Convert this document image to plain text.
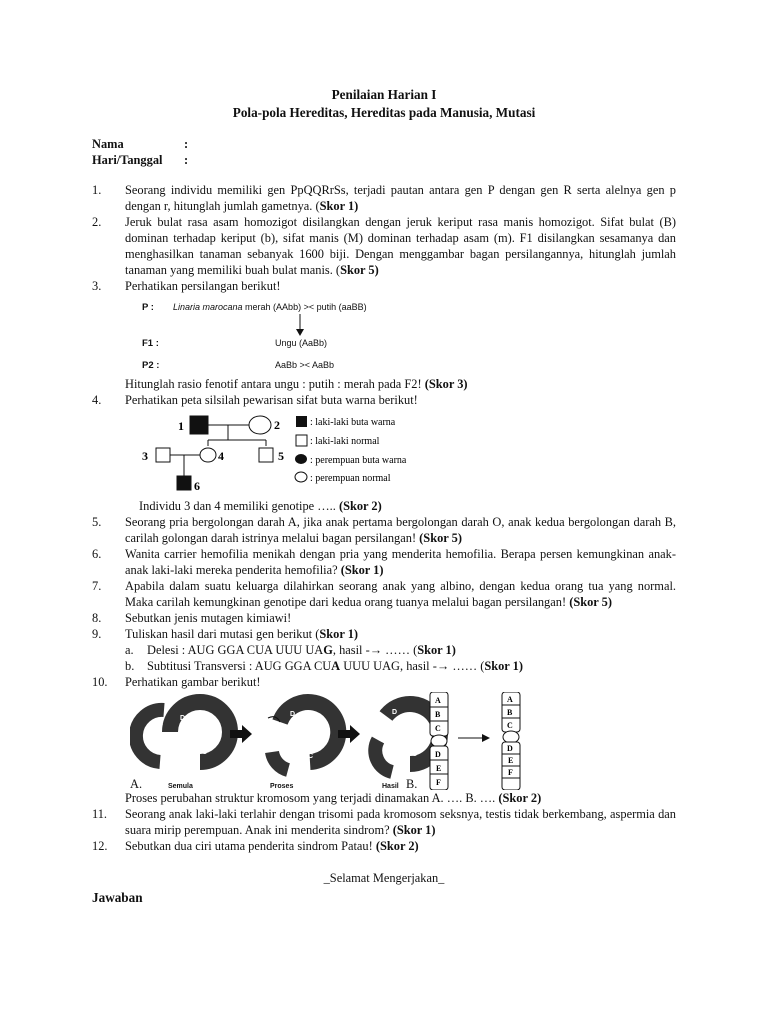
Penilaian Harian I
Pola-pola Hereditas, Hereditas pada Manusia, Mutasi
Nama	:
Hari/Tanggal	:
1.	Seorang individu memiliki gen PpQQRrSs, terjadi pautan antara gen P dengan gen R serta alelnya gen p dengan r, hitunglah jumlah gametnya. (Skor 1)
2.	Jeruk bulat rasa asam homozigot disilangkan dengan jeruk keriput rasa manis homozigot. Sifat bulat (B) dominan terhadap keriput (b), sifat manis (M) dominan terhadap asam (m). F1 disilangkan sesamanya dan menghasilkan tanaman sebanyak 1600 biji. Dengan menggambar bagan persilangannya, hitunglah jumlah tanaman yang memiliki buah bulat manis. (Skor 5)
3.	Perhatikan persilangan berikut!
P : Linaria marocana merah (AAbb) >< putih (aaBB)
F1 :	Ungu (AaBb)
P2 :	AaBb >< AaBb
Hitunglah rasio fenotif antara ungu : putih : merah pada F2! (Skor 3)
4.	Perhatikan peta silsilah pewarisan sifat buta warna berikut!
1	2
3	4	5
6
: laki-laki buta warna
: laki-laki normal
: perempuan buta warna
: perempuan normal
Individu 3 dan 4 memiliki genotipe ….. (Skor 2)
5.	Seorang pria bergolongan darah A, jika anak pertama bergolongan darah O, anak kedua bergolongan darah B, carilah golongan darah istrinya melalui bagan persilangan! (Skor 5)
6.	Wanita carrier hemofilia menikah dengan pria yang menderita hemofilia. Berapa persen kemungkinan anak-anak laki-laki mereka penderita hemofilia? (Skor 1)
7.	Apabila dalam suatu keluarga dilahirkan seorang anak yang albino, dengan kedua orang tua yang normal. Maka carilah kemungkinan genotipe dari kedua orang tuanya melalui bagan persilangan! (Skor 5)
8.	Sebutkan jenis mutagen kimiawi!
9.	Tuliskan hasil dari mutasi gen berikut (Skor 1)
a.	Delesi : AUG GGA CUA UUU UAG, hasil -→ …… (Skor 1)
b.	Subtitusi Transversi : AUG GGA CUA UUU UAG, hasil -→ …… (Skor 1)
10.	Perhatikan gambar berikut!
D
E
F
C
B
A
G
D
E
F
C
D
E
F
C
Semula	Proses	Hasil
A
B
C
D
E
F
A
B
C
D
E
F
A.	B.
Proses perubahan struktur kromosom yang terjadi dinamakan A. …. B. …. (Skor 2)
11.	Seorang anak laki-laki terlahir dengan trisomi pada kromosom seksnya, testis tidak berkembang, aspermia dan suara mirip perempuan. Anak ini menderita sindrom? (Skor 1)
12.	Sebutkan dua ciri utama penderita sindrom Patau! (Skor 2)
_Selamat Mengerjakan_
Jawaban
